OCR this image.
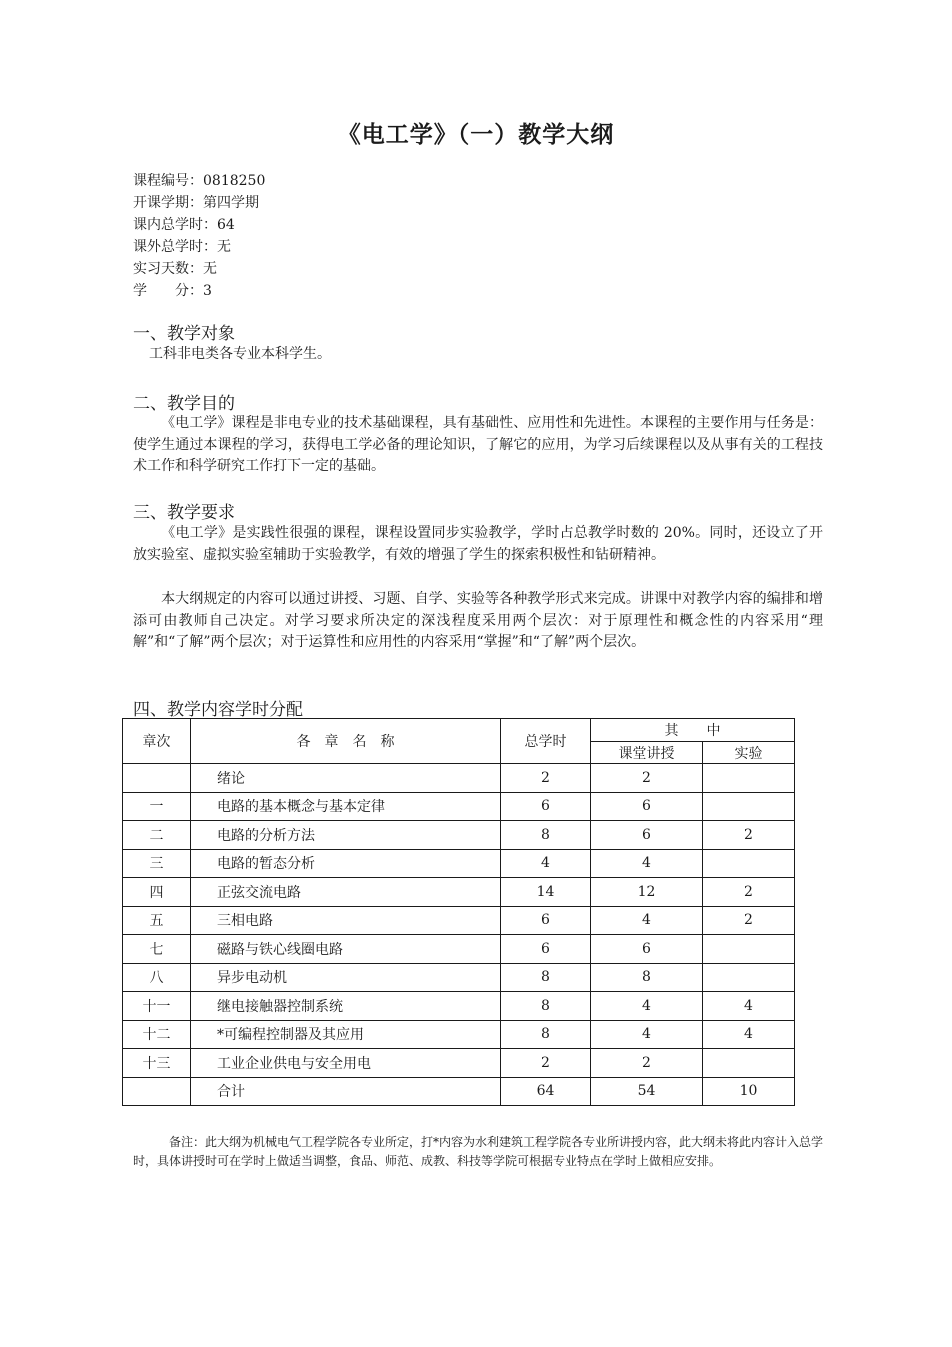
《电工学》（一）教学大纲
课程编号：0818250
开课学期：第四学期
课内总学时：64
课外总学时：无
实习天数：无
学　　分：3
一、教学对象
工科非电类各专业本科学生。
二、教学目的
《电工学》课程是非电专业的技术基础课程，具有基础性、应用性和先进性。本课程的主要作用与任务是：使学生通过本课程的学习，获得电工学必备的理论知识，了解它的应用，为学习后续课程以及从事有关的工程技术工作和科学研究工作打下一定的基础。
三、教学要求
《电工学》是实践性很强的课程，课程设置同步实验教学，学时占总教学时数的 20%。同时，还设立了开放实验室、虚拟实验室辅助于实验教学，有效的增强了学生的探索积极性和钻研精神。
本大纲规定的内容可以通过讲授、习题、自学、实验等各种教学形式来完成。讲课中对教学内容的编排和增添可由教师自己决定。对学习要求所决定的深浅程度采用两个层次：对于原理性和概念性的内容采用“理解”和“了解”两个层次；对于运算性和应用性的内容采用“掌握”和“了解”两个层次。
四、教学内容学时分配
章次	各　章　名　称	总学时	其　　中	
			课堂讲授	实验
	绪论	2	2	
一	电路的基本概念与基本定律	6	6	
二	电路的分析方法	8	6	2
三	电路的暂态分析	4	4	
四	正弦交流电路	14	12	2
五	三相电路	6	4	2
七	磁路与铁心线圈电路	6	6	
八	异步电动机	8	8	
十一	继电接触器控制系统	8	4	4
十二	*可编程控制器及其应用	8	4	4
十三	工业企业供电与安全用电	2	2	
	合计	64	54	10
备注：此大纲为机械电气工程学院各专业所定，打*内容为水利建筑工程学院各专业所讲授内容，此大纲未将此内容计入总学时，具体讲授时可在学时上做适当调整，食品、师范、成教、科技等学院可根据专业特点在学时上做相应安排。
